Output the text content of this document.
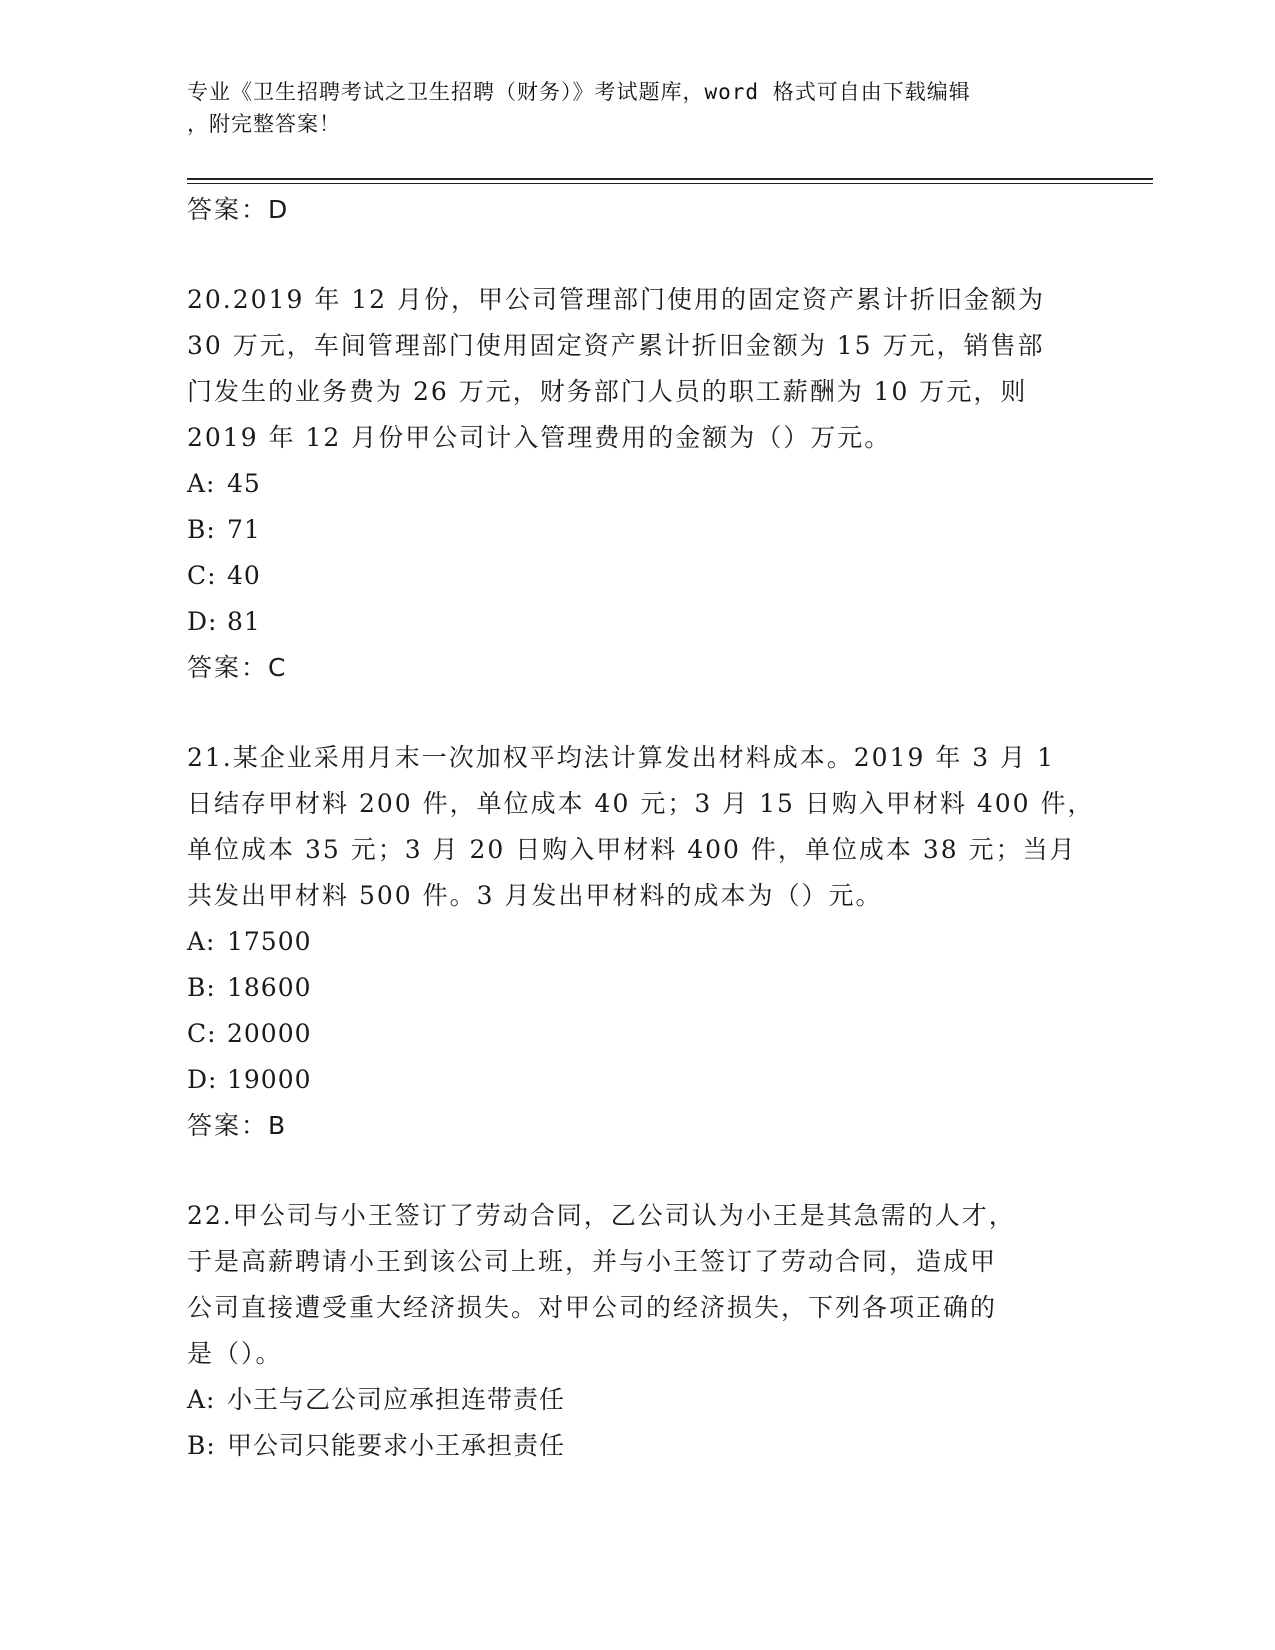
专业《卫生招聘考试之卫生招聘（财务）》考试题库，word 格式可自由下载编辑
，附完整答案！
答案：D
20.2019 年 12 月份，甲公司管理部门使用的固定资产累计折旧金额为
30 万元，车间管理部门使用固定资产累计折旧金额为 15 万元，销售部
门发生的业务费为 26 万元，财务部门人员的职工薪酬为 10 万元，则
2019 年 12 月份甲公司计入管理费用的金额为（）万元。
A: 45
B: 71
C: 40
D: 81
答案：C
21.某企业采用月末一次加权平均法计算发出材料成本。2019 年 3 月 1
日结存甲材料 200 件，单位成本 40 元；3 月 15 日购入甲材料 400 件，
单位成本 35 元；3 月 20 日购入甲材料 400 件，单位成本 38 元；当月
共发出甲材料 500 件。3 月发出甲材料的成本为（）元。
A: 17500
B: 18600
C: 20000
D: 19000
答案：B
22.甲公司与小王签订了劳动合同，乙公司认为小王是其急需的人才，
于是高薪聘请小王到该公司上班，并与小王签订了劳动合同，造成甲
公司直接遭受重大经济损失。对甲公司的经济损失，下列各项正确的
是（）。
A: 小王与乙公司应承担连带责任
B: 甲公司只能要求小王承担责任
